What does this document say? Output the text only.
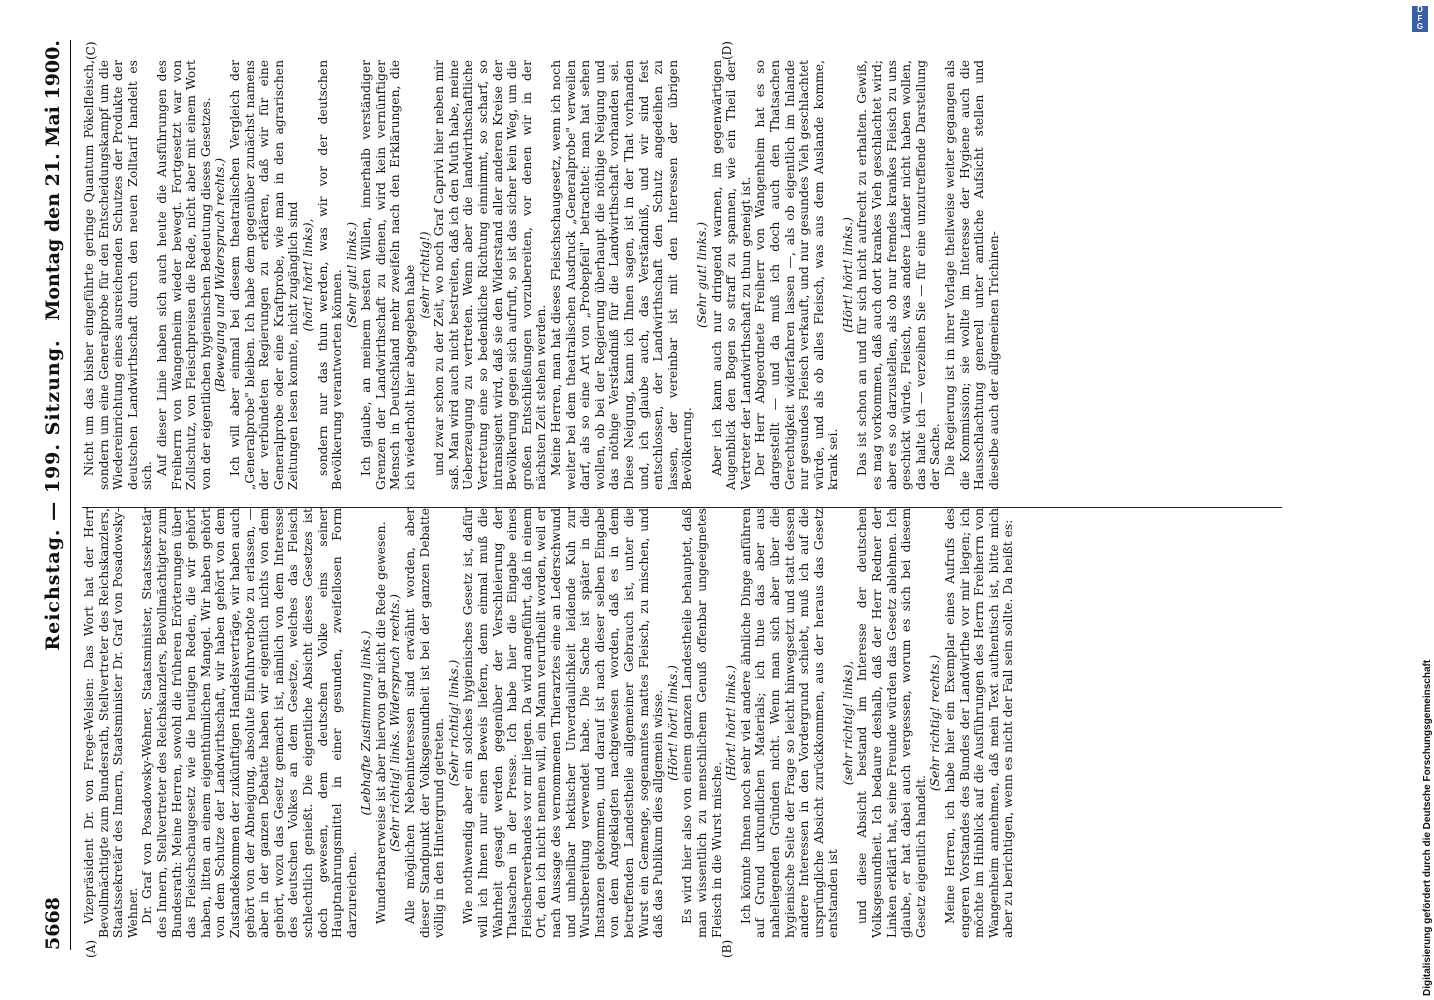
5668
Reichstag. — 199. Sitzung.
Montag den 21. Mai 1900.
(A)	(B)
(C)	(D)

Vizepräsident Dr. von Frege-Welsien: Das Wort hat der Herr Bevollmächtigte zum Bundesrath, Stellvertreter des Reichskanzlers, Staatssekretär des Innern, Staatsminister Dr. Graf von Posadowsky-Wehner. Dr. Graf von Posadowsky-Wehner, Staatsminister, Staatssekretär des Innern, Stellvertreter des Reichskanzlers, Bevollmächtigter zum Bundesrath: Meine Herren, sowohl die früheren Erörterungen über das Fleischschaugesetz wie die heutigen Reden, die wir gehört haben, litten an einem eigenthümlichen Mangel. Wir haben gehört von dem Schutze der Landwirthschaft, wir haben gehört von dem Zustandekommen der zukünftigen Handelsverträge, wir haben auch gehört von der Abneigung, absolute Einfuhrverbote zu erlassen, — aber in der ganzen Debatte haben wir eigentlich nichts von dem gehört, wozu das Gesetz gemacht ist, nämlich von dem Interesse des deutschen Volkes an dem Gesetze, welches das Fleisch schlechtlich genießt. Die eigentliche Absicht dieses Gesetzes ist doch gewesen, dem deutschen Volke eins seiner Hauptnahrungsmittel in einer gesunden, zweifellosen Form darzureichen.

(Lebhafte Zustimmung links.) Wunderbarerweise ist aber hiervon gar nicht die Rede gewesen. (Sehr richtig! links. Widerspruch rechts.) Alle möglichen Nebeninteressen sind erwähnt worden, aber dieser Standpunkt der Volksgesundheit ist bei der ganzen Debatte völlig in den Hintergrund getreten. (Sehr richtig! links.) Wie nothwendig aber ein solches hygienisches Gesetz ist, dafür will ich Ihnen nur einen Beweis liefern, denn einmal muß die Wahrheit gesagt werden gegenüber der Verschleierung der Thatsachen in der Presse. Ich habe hier die Eingabe eines Fleischerverbandes vor mir liegen. Da wird angeführt, daß in einem Ort, den ich nicht nennen will, ein Mann verurtheilt worden, weil er nach Aussage des vernommenen Thierarztes eine an Lederschwund und unheilbar hektischer Unverdaulichkeit leidende Kuh zur Wurstbereitung verwendet habe. Die Sache ist später in die Instanzen gekommen, und darauf ist nach dieser selben Eingabe von dem Angeklagten nachgewiesen worden, daß es in dem betreffenden Landestheile allgemeiner Gebrauch ist, unter die Wurst ein Gemenge, sogenanntes mattes Fleisch, zu mischen, und daß das Publikum dies allgemein wisse. (Hört! hört! links.) Es wird hier also von einem ganzen Landestheile behauptet, daß man wissentlich zu menschlichem Genuß offenbar ungeeignetes Fleisch in die Wurst mische.

(Hört! hört! links.) Ich könnte Ihnen noch sehr viel andere ähnliche Dinge anführen auf Grund urkundlichen Materials; ich thue das aber aus naheliegenden Gründen nicht. Wenn man sich aber über die hygienische Seite der Frage so leicht hinwegsetzt und statt dessen andere Interessen in den Vordergrund schiebt, muß ich auf die ursprüngliche Absicht zurückkommen, aus der heraus das Gesetz entstanden ist

(sehr richtig! links), und diese Absicht bestand im Interesse der deutschen Volksgesundheit. Ich bedaure deshalb, daß der Herr Redner der Linken erklärt hat, seine Freunde würden das Gesetz ablehnen. Ich glaube, er hat dabei auch vergessen, worum es sich bei diesem Gesetz eigentlich handelt.

(Sehr richtig! rechts.) Meine Herren, ich habe hier ein Exemplar eines Aufrufs des engeren Vorstandes des Bundes der Landwirthe vor mir liegen; ich möchte im Hinblick auf die Ausführungen des Herrn Freiherrn von Wangenheim annehmen, daß mein Text authentisch ist, bitte mich aber zu berichtigen, wenn es nicht der Fall sein sollte. Da heißt es:

Nicht um das bisher eingeführte geringe Quantum Pökelfleisch, sondern um eine Generalprobe für den Entscheidungskampf um die Wiedereinrichtung eines ausreichenden Schutzes der Produkte der deutschen Landwirthschaft durch den neuen Zolltarif handelt es sich. Auf dieser Linie haben sich auch heute die Ausführungen des Freiherrn von Wangenheim wieder bewegt. Fortgesetzt war von Zollschutz, von Fleischpreisen die Rede, nicht aber mit einem Wort von der eigentlichen hygienischen Bedeutung dieses Gesetzes. (Bewegung und Widerspruch rechts.) Ich will aber einmal bei diesem theatralischen Vergleich der „Generalprobe" bleiben. Ich habe dem gegenüber zunächst namens der verbündeten Regierungen zu erklären, daß wir für eine Generalprobe oder eine Kraftprobe, wie man in den agrarischen Zeitungen lesen konnte, nicht zugänglich sind (hört! hört! links), sondern nur das thun werden, was wir vor der deutschen Bevölkerung verantworten können. (Sehr gut! links.) Ich glaube, an meinem besten Willen, innerhalb verständiger Grenzen der Landwirthschaft zu dienen, wird kein vernünftiger Mensch in Deutschland mehr zweifeln nach den Erklärungen, die ich wiederholt hier abgegeben habe (sehr richtig!) und zwar schon zu der Zeit, wo noch Graf Caprivi hier neben mir saß. Man wird auch nicht bestreiten, daß ich den Muth habe, meine Ueberzeugung zu vertreten. Wenn aber die landwirthschaftliche Vertretung eine so bedenkliche Richtung einnimmt, so scharf, so intransigent wird, daß sie den Widerstand aller anderen Kreise der Bevölkerung gegen sich aufruft, so ist das sicher kein Weg, um die großen Entschließungen vorzubereiten, vor denen wir in der nächsten Zeit stehen werden. Meine Herren, man hat dieses Fleischschaugesetz, wenn ich noch weiter bei dem theatralischen Ausdruck „Generalprobe" verweilen darf, als so eine Art von „Probepfeil" betrachtet: man hat sehen wollen, ob bei der Regierung überhaupt die nöthige Neigung und das nöthige Verständniß für die Landwirthschaft vorhanden sei. Diese Neigung, kann ich Ihnen sagen, ist in der That vorhanden und, ich glaube auch, das Verständniß, und wir sind fest entschlossen, der Landwirthschaft den Schutz angedeihen zu lassen, der vereinbar ist mit den Interessen der übrigen Bevölkerung.

(Sehr gut! links.) Aber ich kann auch nur dringend warnen, im gegenwärtigen Augenblick den Bogen so straff zu spannen, wie ein Theil der Vertreter der Landwirthschaft zu thun geneigt ist. Der Herr Abgeordnete Freiherr von Wangenheim hat es so dargestellt — und da muß ich doch auch den Thatsachen Gerechtigkeit widerfahren lassen —, als ob eigentlich im Inlande nur gesundes Fleisch verkauft, und nur gesundes Vieh geschlachtet würde, und als ob alles Fleisch, was aus dem Auslande komme, krank sei.

(Hört! hört! links.) Das ist schon an und für sich nicht aufrecht zu erhalten. Gewiß, es mag vorkommen, daß auch dort krankes Vieh geschlachtet wird; aber es so darzustellen, als ob nur fremdes krankes Fleisch zu uns geschickt würde, Fleisch, was andere Länder nicht haben wollen, das halte ich — verzeihen Sie — für eine unzutreffende Darstellung der Sache. Die Regierung ist in ihrer Vorlage theilweise weiter gegangen als die Kommission; sie wollte im Interesse der Hygiene auch die Hausschlachtung generell unter amtliche Aufsicht stellen und dieselbe auch der allgemeinen Trichinen-

D
F
G
Digitalisierung gefördert durch die Deutsche Forschungsgemeinschaft
